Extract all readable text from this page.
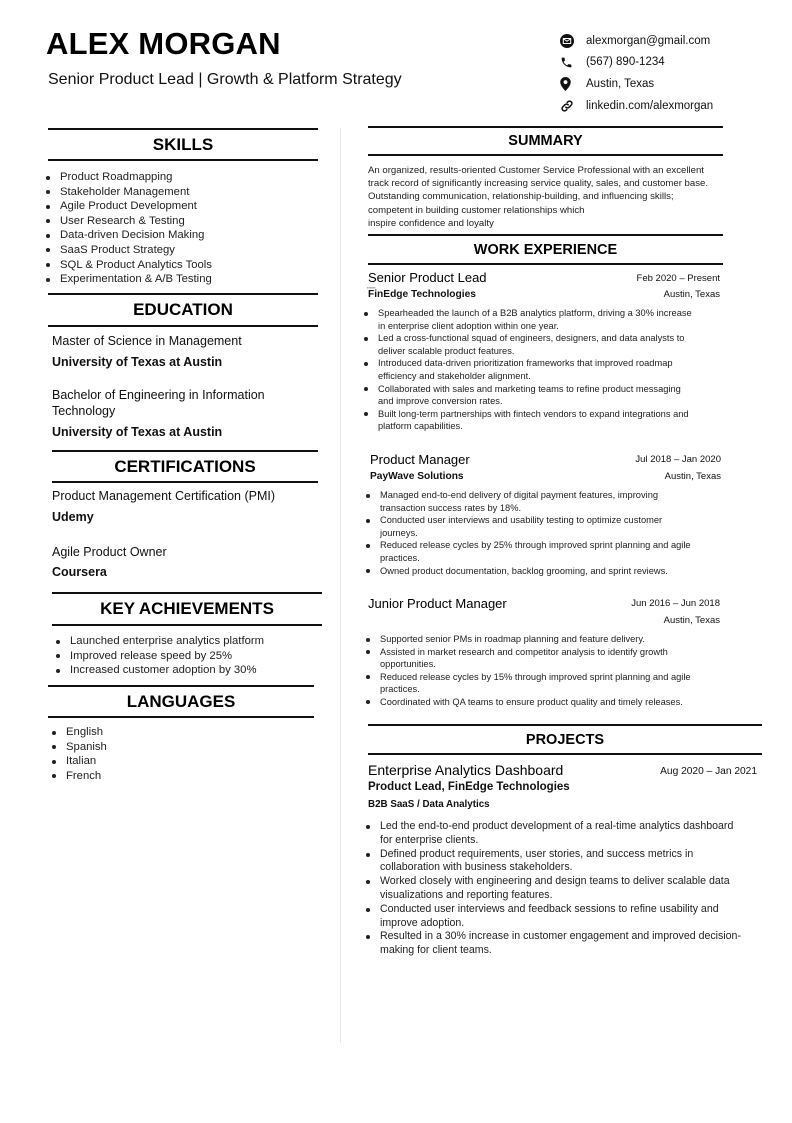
ALEX MORGAN
Senior Product Lead | Growth & Platform Strategy
alexmorgan@gmail.com
(567) 890-1234
Austin, Texas
linkedin.com/alexmorgan
SKILLS
Product Roadmapping
Stakeholder Management
Agile Product Development
User Research & Testing
Data-driven Decision Making
SaaS Product Strategy
SQL & Product Analytics Tools
Experimentation & A/B Testing
EDUCATION
Master of Science in Management
University of Texas at Austin
Bachelor of Engineering in Information
Technology
University of Texas at Austin
CERTIFICATIONS
Product Management Certification (PMI)
Udemy
Agile Product Owner
Coursera
KEY ACHIEVEMENTS
Launched enterprise analytics platform
Improved release speed by 25%
Increased customer adoption by 30%
LANGUAGES
English
Spanish
Italian
French
SUMMARY
An organized, results-oriented Customer Service Professional with an excellent
track record of significantly increasing service quality, sales, and customer base.
Outstanding communication, relationship-building, and influencing skills;
competent in building customer relationships which
inspire confidence and loyalty
WORK EXPERIENCE
Senior Product Lead	Feb 2020 – Present
▪▪▪▪▪▪
FinEdge Technologies	Austin, Texas
Spearheaded the launch of a B2B analytics platform, driving a 30% increase
in enterprise client adoption within one year.
Led a cross-functional squad of engineers, designers, and data analysts to
deliver scalable product features.
Introduced data-driven prioritization frameworks that improved roadmap
efficiency and stakeholder alignment.
Collaborated with sales and marketing teams to refine product messaging
and improve conversion rates.
Built long-term partnerships with fintech vendors to expand integrations and
platform capabilities.
Product Manager	Jul 2018 – Jan 2020
PayWave Solutions	Austin, Texas
Managed end-to-end delivery of digital payment features, improving
transaction success rates by 18%.
Conducted user interviews and usability testing to optimize customer
journeys.
Reduced release cycles by 25% through improved sprint planning and agile
practices.
Owned product documentation, backlog grooming, and sprint reviews.
Junior Product Manager	Jun 2016 – Jun 2018
Austin, Texas
Supported senior PMs in roadmap planning and feature delivery.
Assisted in market research and competitor analysis to identify growth
opportunities.
Reduced release cycles by 15% through improved sprint planning and agile
practices.
Coordinated with QA teams to ensure product quality and timely releases.
PROJECTS
Enterprise Analytics Dashboard	Aug 2020 – Jan 2021
Product Lead, FinEdge Technologies
B2B SaaS / Data Analytics
Led the end-to-end product development of a real-time analytics dashboard
for enterprise clients.
Defined product requirements, user stories, and success metrics in
collaboration with business stakeholders.
Worked closely with engineering and design teams to deliver scalable data
visualizations and reporting features.
Conducted user interviews and feedback sessions to refine usability and
improve adoption.
Resulted in a 30% increase in customer engagement and improved decision-
making for client teams.
